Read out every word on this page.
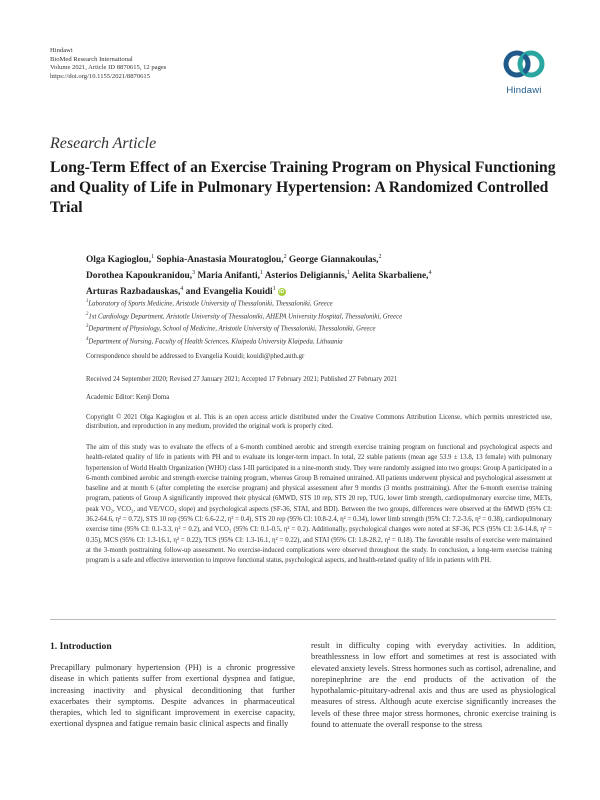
Hindawi
BioMed Research International
Volume 2021, Article ID 8870615, 12 pages
https://doi.org/10.1155/2021/8870615
Hindawi
Research Article
Long-Term Effect of an Exercise Training Program on Physical Functioning and Quality of Life in Pulmonary Hypertension: A Randomized Controlled Trial
Olga Kagioglou,$^1$ Sophia-Anastasia Mouratoglou,$^2$ George Giannakoulas,$^2$
Dorothea Kapoukranidou,$^3$ Maria Anifanti,$^1$ Asterios Deligiannis,$^1$ Aelita Skarbaliene,$^4$
Arturas Razbadauskas,$^4$ and Evangelia Kouidi$^1$ iD
$^1$Laboratory of Sports Medicine, Aristotle University of Thessaloniki, Thessaloniki, Greece
$^2$1st Cardiology Department, Aristotle University of Thessaloniki, AHEPA University Hospital, Thessaloniki, Greece
$^3$Department of Physiology, School of Medicine, Aristotle University of Thessaloniki, Thessaloniki, Greece
$^4$Department of Nursing, Faculty of Health Sciences, Klaipeda University Klaipeda, Lithuania
Correspondence should be addressed to Evangelia Kouidi; kouidi@phed.auth.gr
Received 24 September 2020; Revised 27 January 2021; Accepted 17 February 2021; Published 27 February 2021
Academic Editor: Kenji Doma
Copyright © 2021 Olga Kagioglou et al. This is an open access article distributed under the Creative Commons Attribution License, which permits unrestricted use, distribution, and reproduction in any medium, provided the original work is properly cited.
The aim of this study was to evaluate the effects of a 6-month combined aerobic and strength exercise training program on functional and psychological aspects and health-related quality of life in patients with PH and to evaluate its longer-term impact. In total, 22 stable patients (mean age 53.9 ± 13.8, 13 female) with pulmonary hypertension of World Health Organization (WHO) class I-III participated in a nine-month study. They were randomly assigned into two groups: Group A participated in a 6-month combined aerobic and strength exercise training program, whereas Group B remained untrained. All patients underwent physical and psychological assessment at baseline and at month 6 (after completing the exercise program) and physical assessment after 9 months (3 months posttraining). After the 6-month exercise training program, patients of Group A significantly improved their physical (6MWD, STS 10 rep, STS 20 rep, TUG, lower limb strength, cardiopulmonary exercise time, METs, peak VO₂, VCO₂, and VE/VCO₂ slope) and psychological aspects (SF-36, STAI, and BDI). Between the two groups, differences were observed at the 6MWD (95% CI: 36.2-64.6, η² = 0.72), STS 10 rep (95% CI: 6.6-2.2, η² = 0.4), STS 20 rep (95% CI: 10.8-2.4, η² = 0.34), lower limb strength (95% CI: 7.2-3.6, η² = 0.38), cardiopulmonary exercise time (95% CI: 0.1-3.3, η² = 0.2), and VCO₂ (95% CI: 0.1-0.5, η² = 0.2). Additionally, psychological changes were noted at SF-36, PCS (95% CI: 3.6-14.8, η² = 0.35), MCS (95% CI: 1.3-16.1, η² = 0.22), TCS (95% CI: 1.3-16.1, η² = 0.22), and STAI (95% CI: 1.8-28.2, η² = 0.18). The favorable results of exercise were maintained at the 3-month posttraining follow-up assessment. No exercise-induced complications were observed throughout the study. In conclusion, a long-term exercise training program is a safe and effective intervention to improve functional status, psychological aspects, and health-related quality of life in patients with PH.
1. Introduction

Precapillary pulmonary hypertension (PH) is a chronic progressive disease in which patients suffer from exertional dyspnea and fatigue, increasing inactivity and physical deconditioning that further exacerbates their symptoms. Despite advances in pharmaceutical therapies, which led to significant improvement in exercise capacity, exertional dyspnea and fatigue remain basic clinical aspects and finally

result in difficulty coping with everyday activities. In addition, breathlessness in low effort and sometimes at rest is associated with elevated anxiety levels. Stress hormones such as cortisol, adrenaline, and norepinephrine are the end products of the activation of the hypothalamic-pituitary-adrenal axis and thus are used as physiological measures of stress. Although acute exercise significantly increases the levels of these three major stress hormones, chronic exercise training is found to attenuate the overall response to the stress
